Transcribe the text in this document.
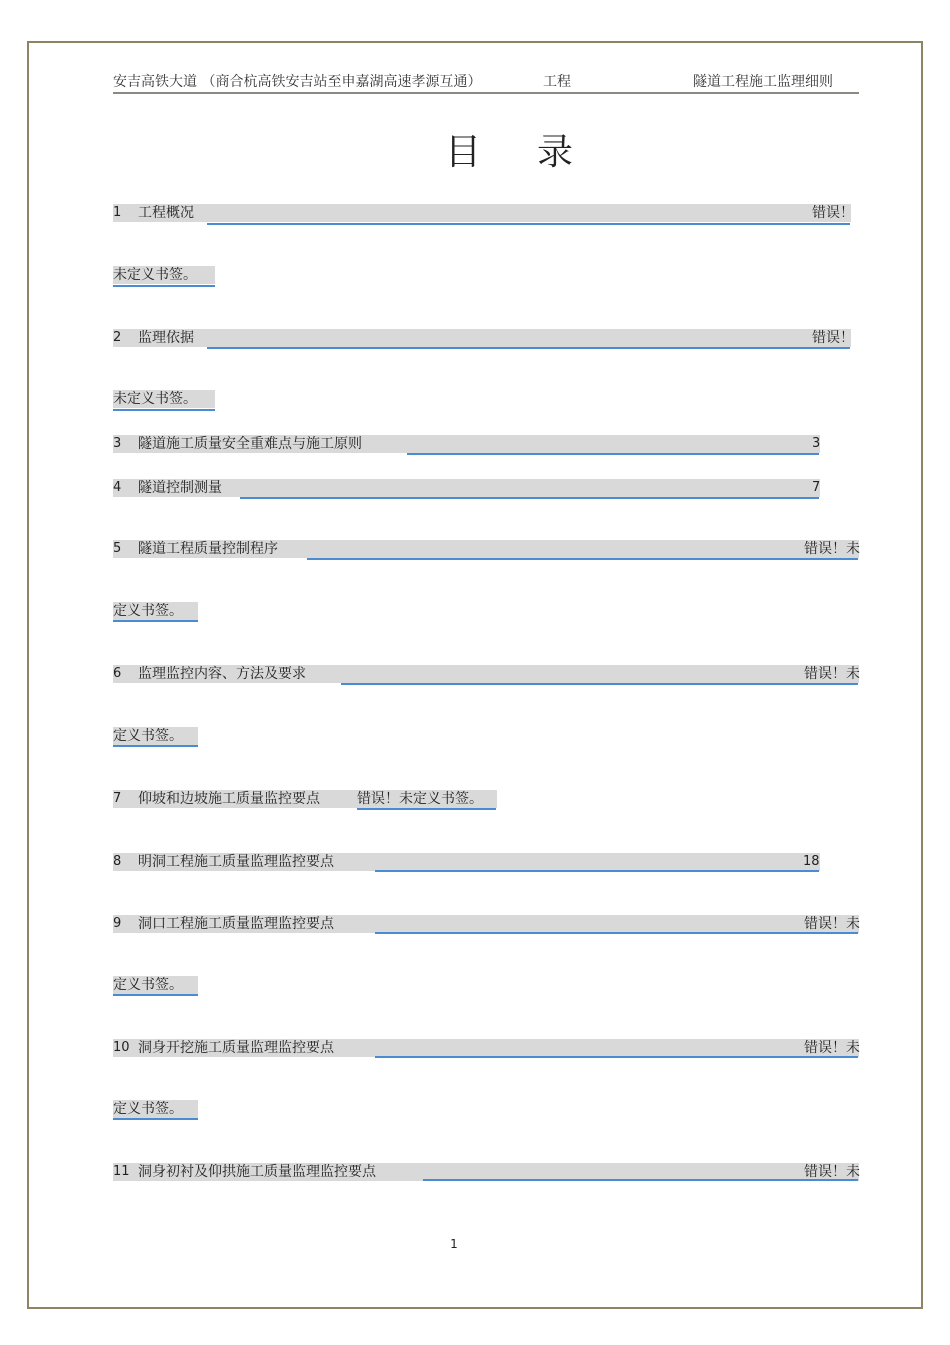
安吉高铁大道 （商合杭高铁安吉站至申嘉湖高速孝源互通）	工程	隧道工程施工监理细则
目 录
1 工程概况	错误！
未定义书签。
2 监理依据	错误！
未定义书签。
3 隧道施工质量安全重难点与施工原则	3
4 隧道控制测量	7
5 隧道工程质量控制程序	错误！未
定义书签。
6 监理监控内容、方法及要求	错误！未
定义书签。
7 仰坡和边坡施工质量监控要点	错误！未定义书签。
8 明洞工程施工质量监理监控要点	18
9 洞口工程施工质量监理监控要点	错误！未
定义书签。
10 洞身开挖施工质量监理监控要点	错误！未
定义书签。
11 洞身初衬及仰拱施工质量监理监控要点	错误！未
1
